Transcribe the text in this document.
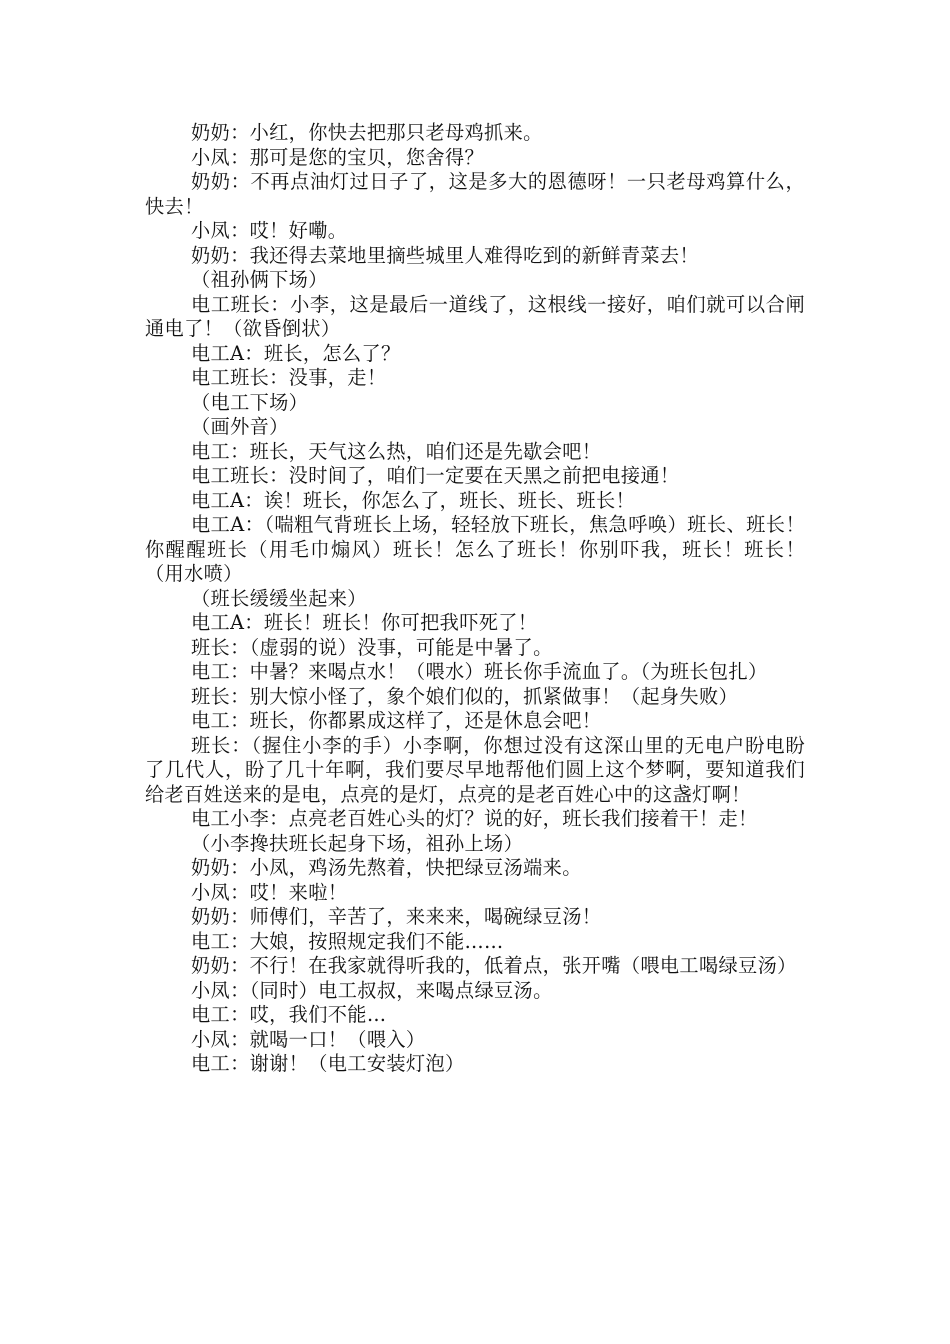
奶奶：小红，你快去把那只老母鸡抓来。

小凤：那可是您的宝贝，您舍得？

奶奶：不再点油灯过日子了，这是多大的恩德呀！一只老母鸡算什么，快去！

小凤：哎！好嘞。

奶奶：我还得去菜地里摘些城里人难得吃到的新鲜青菜去！

（祖孙俩下场）

电工班长：小李，这是最后一道线了，这根线一接好，咱们就可以合闸通电了！（欲昏倒状）

电工A：班长，怎么了？

电工班长：没事，走！

（电工下场）

（画外音）

电工：班长，天气这么热，咱们还是先歇会吧！

电工班长：没时间了，咱们一定要在天黑之前把电接通！

电工A：诶！班长，你怎么了，班长、班长、班长！

电工A：（喘粗气背班长上场，轻轻放下班长，焦急呼唤）班长、班长！你醒醒班长（用毛巾煽风）班长！怎么了班长！你别吓我，班长！班长！（用水喷）

（班长缓缓坐起来）

电工A：班长！班长！你可把我吓死了！

班长：（虚弱的说）没事，可能是中暑了。

电工：中暑？来喝点水！（喂水）班长你手流血了。（为班长包扎）

班长：别大惊小怪了，象个娘们似的，抓紧做事！（起身失败）

电工：班长，你都累成这样了，还是休息会吧！

班长：（握住小李的手）小李啊，你想过没有这深山里的无电户盼电盼了几代人，盼了几十年啊，我们要尽早地帮他们圆上这个梦啊，要知道我们给老百姓送来的是电，点亮的是灯，点亮的是老百姓心中的这盏灯啊！

电工小李：点亮老百姓心头的灯？说的好，班长我们接着干！走！

（小李搀扶班长起身下场，祖孙上场）

奶奶：小凤，鸡汤先熬着，快把绿豆汤端来。

小凤：哎！来啦！

奶奶：师傅们，辛苦了，来来来，喝碗绿豆汤！

电工：大娘，按照规定我们不能……

奶奶：不行！在我家就得听我的，低着点，张开嘴（喂电工喝绿豆汤）

小凤：（同时）电工叔叔，来喝点绿豆汤。

电工：哎，我们不能…

小凤：就喝一口！（喂入）

电工：谢谢！（电工安装灯泡）
